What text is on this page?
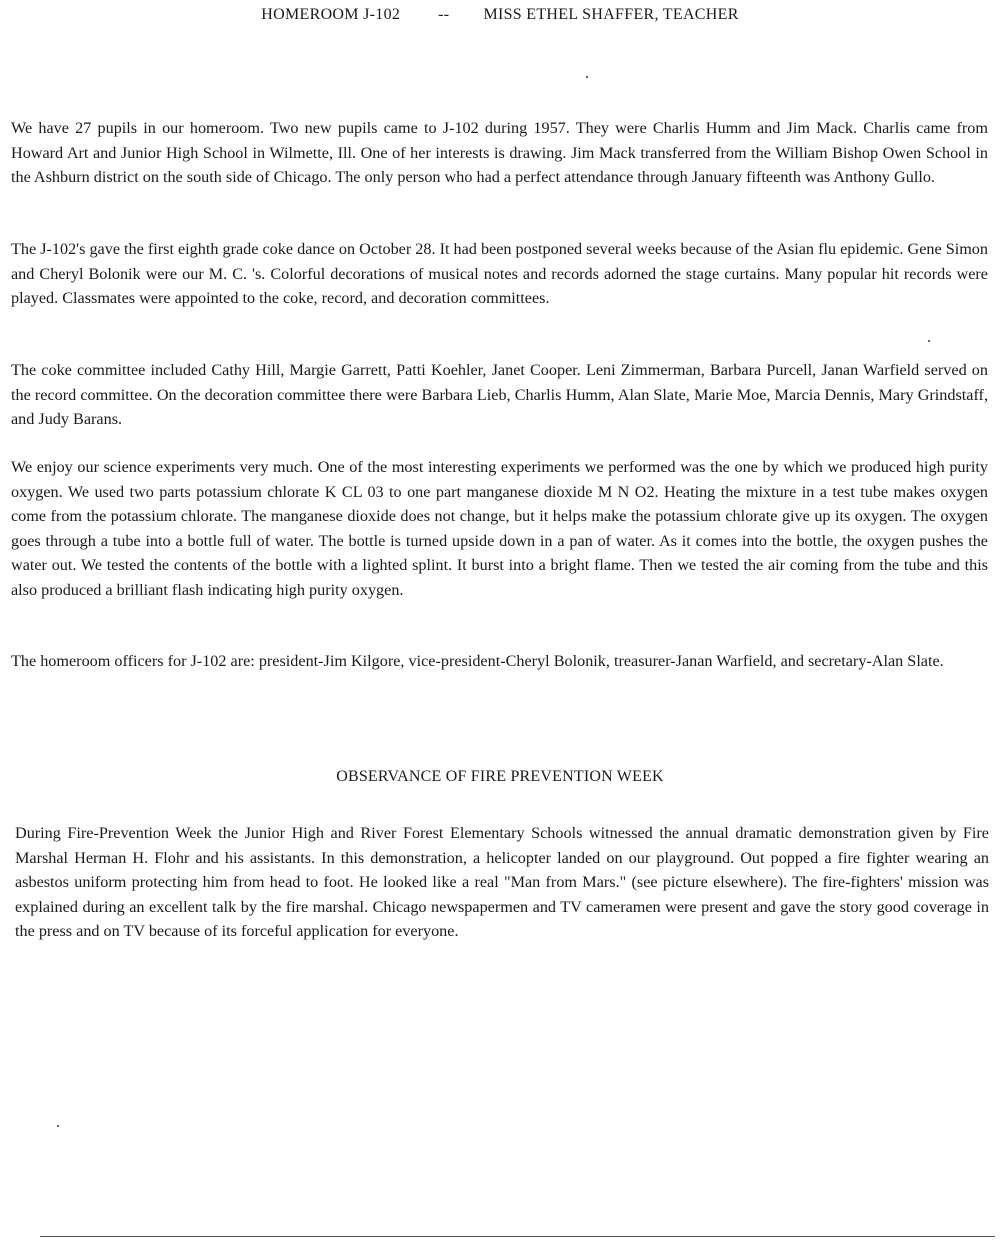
HOMEROOM J-102 -- MISS ETHEL SHAFFER, TEACHER

We have 27 pupils in our homeroom. Two new pupils came to J-102 during 1957. They were Charlis Humm and Jim Mack. Charlis came from Howard Art and Junior High School in Wilmette, Ill. One of her interests is drawing. Jim Mack transferred from the William Bishop Owen School in the Ashburn district on the south side of Chicago. The only person who had a perfect attendance through January fifteenth was Anthony Gullo.

The J-102's gave the first eighth grade coke dance on October 28. It had been postponed several weeks because of the Asian flu epidemic. Gene Simon and Cheryl Bolonik were our M. C. 's. Colorful decorations of musical notes and records adorned the stage curtains. Many popular hit records were played. Classmates were appointed to the coke, record, and decoration committees.

The coke committee included Cathy Hill, Margie Garrett, Patti Koehler, Janet Cooper. Leni Zimmerman, Barbara Purcell, Janan Warfield served on the record committee. On the decoration committee there were Barbara Lieb, Charlis Humm, Alan Slate, Marie Moe, Marcia Dennis, Mary Grindstaff, and Judy Barans.

We enjoy our science experiments very much. One of the most interesting experiments we performed was the one by which we produced high purity oxygen. We used two parts potassium chlorate K CL 03 to one part manganese dioxide M N O2. Heating the mixture in a test tube makes oxygen come from the potassium chlorate. The manganese dioxide does not change, but it helps make the potassium chlorate give up its oxygen. The oxygen goes through a tube into a bottle full of water. The bottle is turned upside down in a pan of water. As it comes into the bottle, the oxygen pushes the water out. We tested the contents of the bottle with a lighted splint. It burst into a bright flame. Then we tested the air coming from the tube and this also produced a brilliant flash indicating high purity oxygen.

The homeroom officers for J-102 are: president-Jim Kilgore, vice-president-Cheryl Bolonik, treasurer-Janan Warfield, and secretary-Alan Slate.

OBSERVANCE OF FIRE PREVENTION WEEK

During Fire-Prevention Week the Junior High and River Forest Elementary Schools witnessed the annual dramatic demonstration given by Fire Marshal Herman H. Flohr and his assistants. In this demonstration, a helicopter landed on our playground. Out popped a fire fighter wearing an asbestos uniform protecting him from head to foot. He looked like a real "Man from Mars." (see picture elsewhere). The fire-fighters' mission was explained during an excellent talk by the fire marshal. Chicago newspapermen and TV cameramen were present and gave the story good coverage in the press and on TV because of its forceful application for everyone.
